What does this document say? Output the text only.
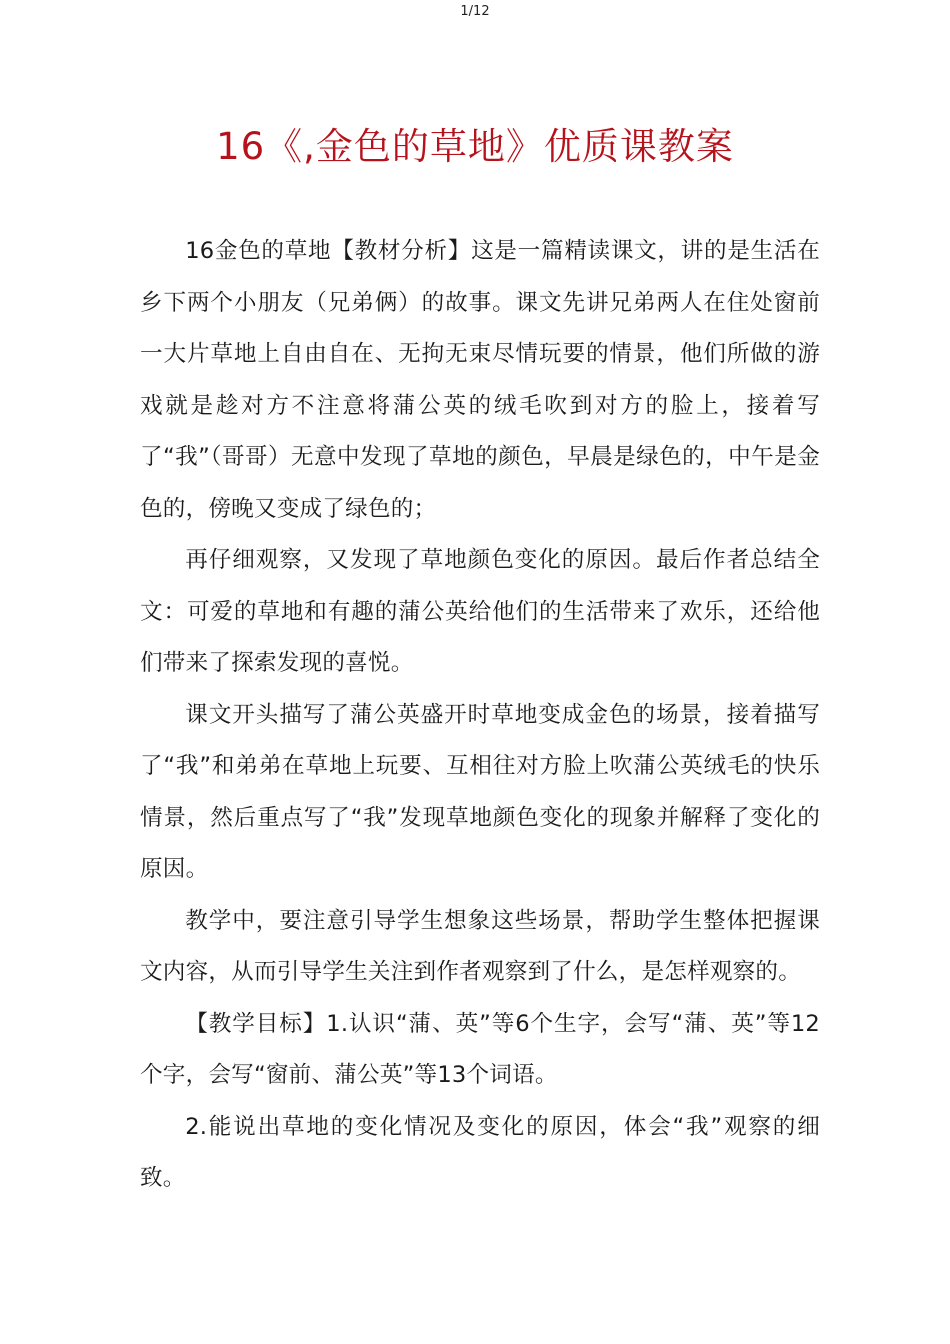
1/12
16《,金色的草地》优质课教案

16金色的草地【教材分析】这是一篇精读课文，讲的是生活在乡下两个小朋友（兄弟俩）的故事。课文先讲兄弟两人在住处窗前一大片草地上自由自在、无拘无束尽情玩要的情景，他们所做的游戏就是趁对方不注意将蒲公英的绒毛吹到对方的脸上，接着写了“我”（哥哥）无意中发现了草地的颜色，早晨是绿色的，中午是金色的，傍晚又变成了绿色的；

再仔细观察，又发现了草地颜色变化的原因。最后作者总结全文：可爱的草地和有趣的蒲公英给他们的生活带来了欢乐，还给他们带来了探索发现的喜悦。

课文开头描写了蒲公英盛开时草地变成金色的场景，接着描写了“我”和弟弟在草地上玩要、互相往对方脸上吹蒲公英绒毛的快乐情景，然后重点写了“我”发现草地颜色变化的现象并解释了变化的原因。

教学中，要注意引导学生想象这些场景，帮助学生整体把握课文内容，从而引导学生关注到作者观察到了什么，是怎样观察的。

【教学目标】1.认识“蒲、英”等6个生字，会写“蒲、英”等12个字，会写“窗前、蒲公英”等13个词语。

2.能说出草地的变化情况及变化的原因，体会“我”观察的细致。
